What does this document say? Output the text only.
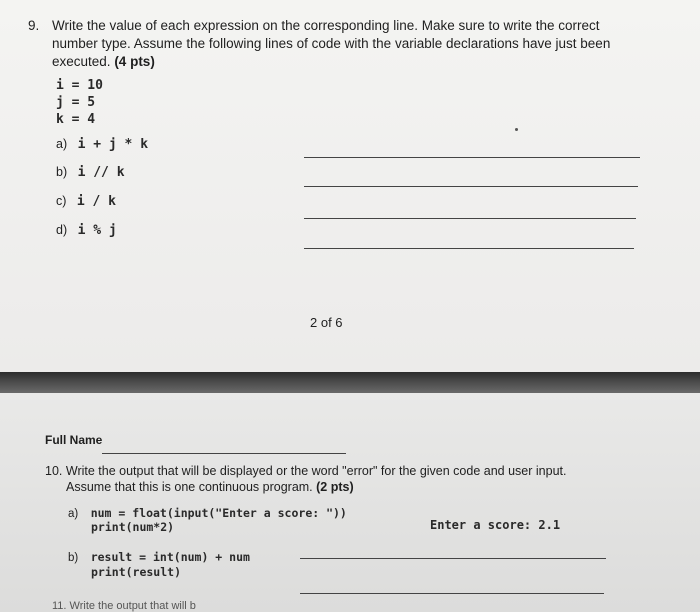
9. Write the value of each expression on the corresponding line. Make sure to write the correct
number type. Assume the following lines of code with the variable declarations have just been
executed. (4 pts)
i = 10
j = 5
k = 4
a) i + j * k
b) i // k
c) i / k
d) i % j
2 of 6
Full Name
10. Write the output that will be displayed or the word "error" for the given code and user input.
Assume that this is one continuous program. (2 pts)
a) num = float(input("Enter a score: "))
print(num*2)	Enter a score: 2.1
b) result = int(num) + num
print(result)
11. Write the output that will b
